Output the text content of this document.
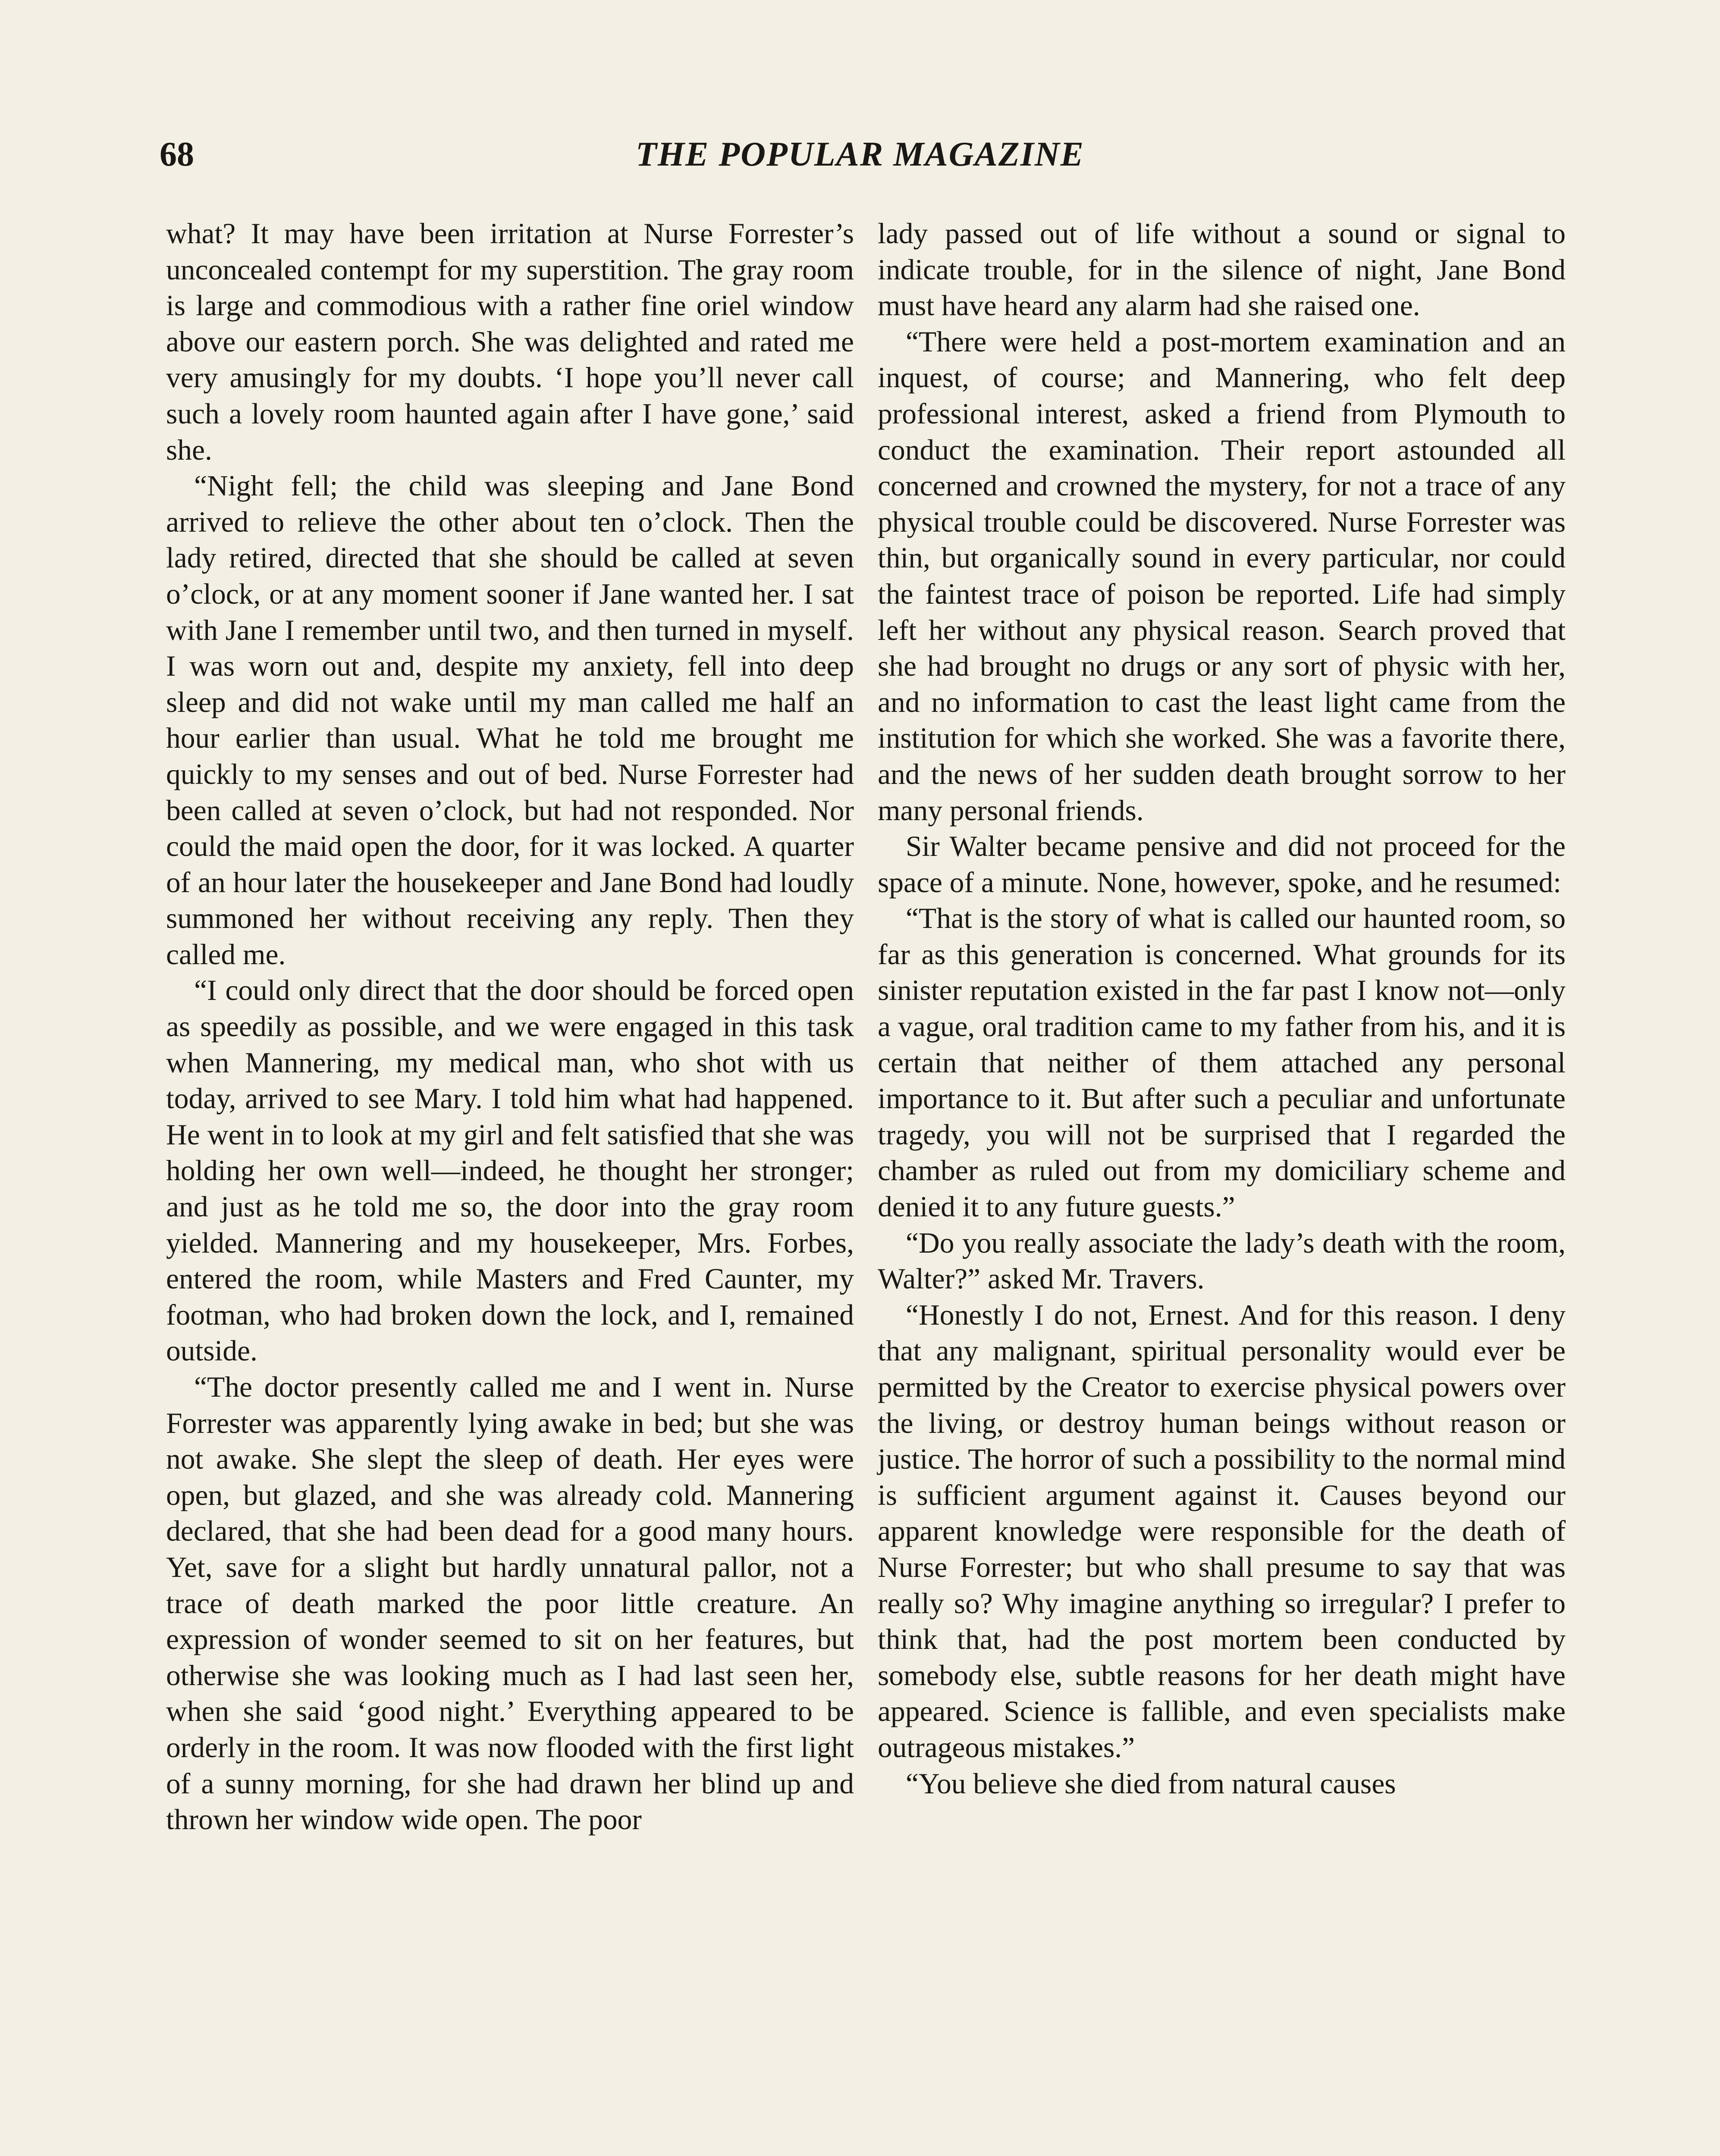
68	THE POPULAR MAGAZINE

what? It may have been irritation at Nurse Forrester’s unconcealed contempt for my superstition. The gray room is large and commodious with a rather fine oriel window above our eastern porch. She was delighted and rated me very amusingly for my doubts. ‘I hope you’ll never call such a lovely room haunted again after I have gone,’ said she.

“Night fell; the child was sleeping and Jane Bond arrived to relieve the other about ten o’clock. Then the lady retired, directed that she should be called at seven o’clock, or at any moment sooner if Jane wanted her. I sat with Jane I remember until two, and then turned in myself. I was worn out and, despite my anxiety, fell into deep sleep and did not wake until my man called me half an hour earlier than usual. What he told me brought me quickly to my senses and out of bed. Nurse Forrester had been called at seven o’clock, but had not responded. Nor could the maid open the door, for it was locked. A quarter of an hour later the housekeeper and Jane Bond had loudly summoned her without receiving any reply. Then they called me.

“I could only direct that the door should be forced open as speedily as possible, and we were engaged in this task when Mannering, my medical man, who shot with us today, arrived to see Mary. I told him what had happened. He went in to look at my girl and felt satisfied that she was holding her own well—indeed, he thought her stronger; and just as he told me so, the door into the gray room yielded. Mannering and my housekeeper, Mrs. Forbes, entered the room, while Masters and Fred Caunter, my footman, who had broken down the lock, and I, remained outside.

“The doctor presently called me and I went in. Nurse Forrester was apparently lying awake in bed; but she was not awake. She slept the sleep of death. Her eyes were open, but glazed, and she was already cold. Mannering declared, that she had been dead for a good many hours. Yet, save for a slight but hardly unnatural pallor, not a trace of death marked the poor little creature. An expression of wonder seemed to sit on her features, but otherwise she was looking much as I had last seen her, when she said ‘good night.’ Everything appeared to be orderly in the room. It was now flooded with the first light of a sunny morning, for she had drawn her blind up and thrown her window wide open. The poor

lady passed out of life without a sound or signal to indicate trouble, for in the silence of night, Jane Bond must have heard any alarm had she raised one.

“There were held a post-mortem examination and an inquest, of course; and Mannering, who felt deep professional interest, asked a friend from Plymouth to conduct the examination. Their report astounded all concerned and crowned the mystery, for not a trace of any physical trouble could be discovered. Nurse Forrester was thin, but organically sound in every particular, nor could the faintest trace of poison be reported. Life had simply left her without any physical reason. Search proved that she had brought no drugs or any sort of physic with her, and no information to cast the least light came from the institution for which she worked. She was a favorite there, and the news of her sudden death brought sorrow to her many personal friends.

Sir Walter became pensive and did not proceed for the space of a minute. None, however, spoke, and he resumed:

“That is the story of what is called our haunted room, so far as this generation is concerned. What grounds for its sinister reputation existed in the far past I know not—only a vague, oral tradition came to my father from his, and it is certain that neither of them attached any personal importance to it. But after such a peculiar and unfortunate tragedy, you will not be surprised that I regarded the chamber as ruled out from my domiciliary scheme and denied it to any future guests.”

“Do you really associate the lady’s death with the room, Walter?” asked Mr. Travers.

“Honestly I do not, Ernest. And for this reason. I deny that any malignant, spiritual personality would ever be permitted by the Creator to exercise physical powers over the living, or destroy human beings without reason or justice. The horror of such a possibility to the normal mind is sufficient argument against it. Causes beyond our apparent knowledge were responsible for the death of Nurse Forrester; but who shall presume to say that was really so? Why imagine anything so irregular? I prefer to think that, had the post mortem been conducted by somebody else, subtle reasons for her death might have appeared. Science is fallible, and even specialists make outrageous mistakes.”

“You believe she died from natural causes
